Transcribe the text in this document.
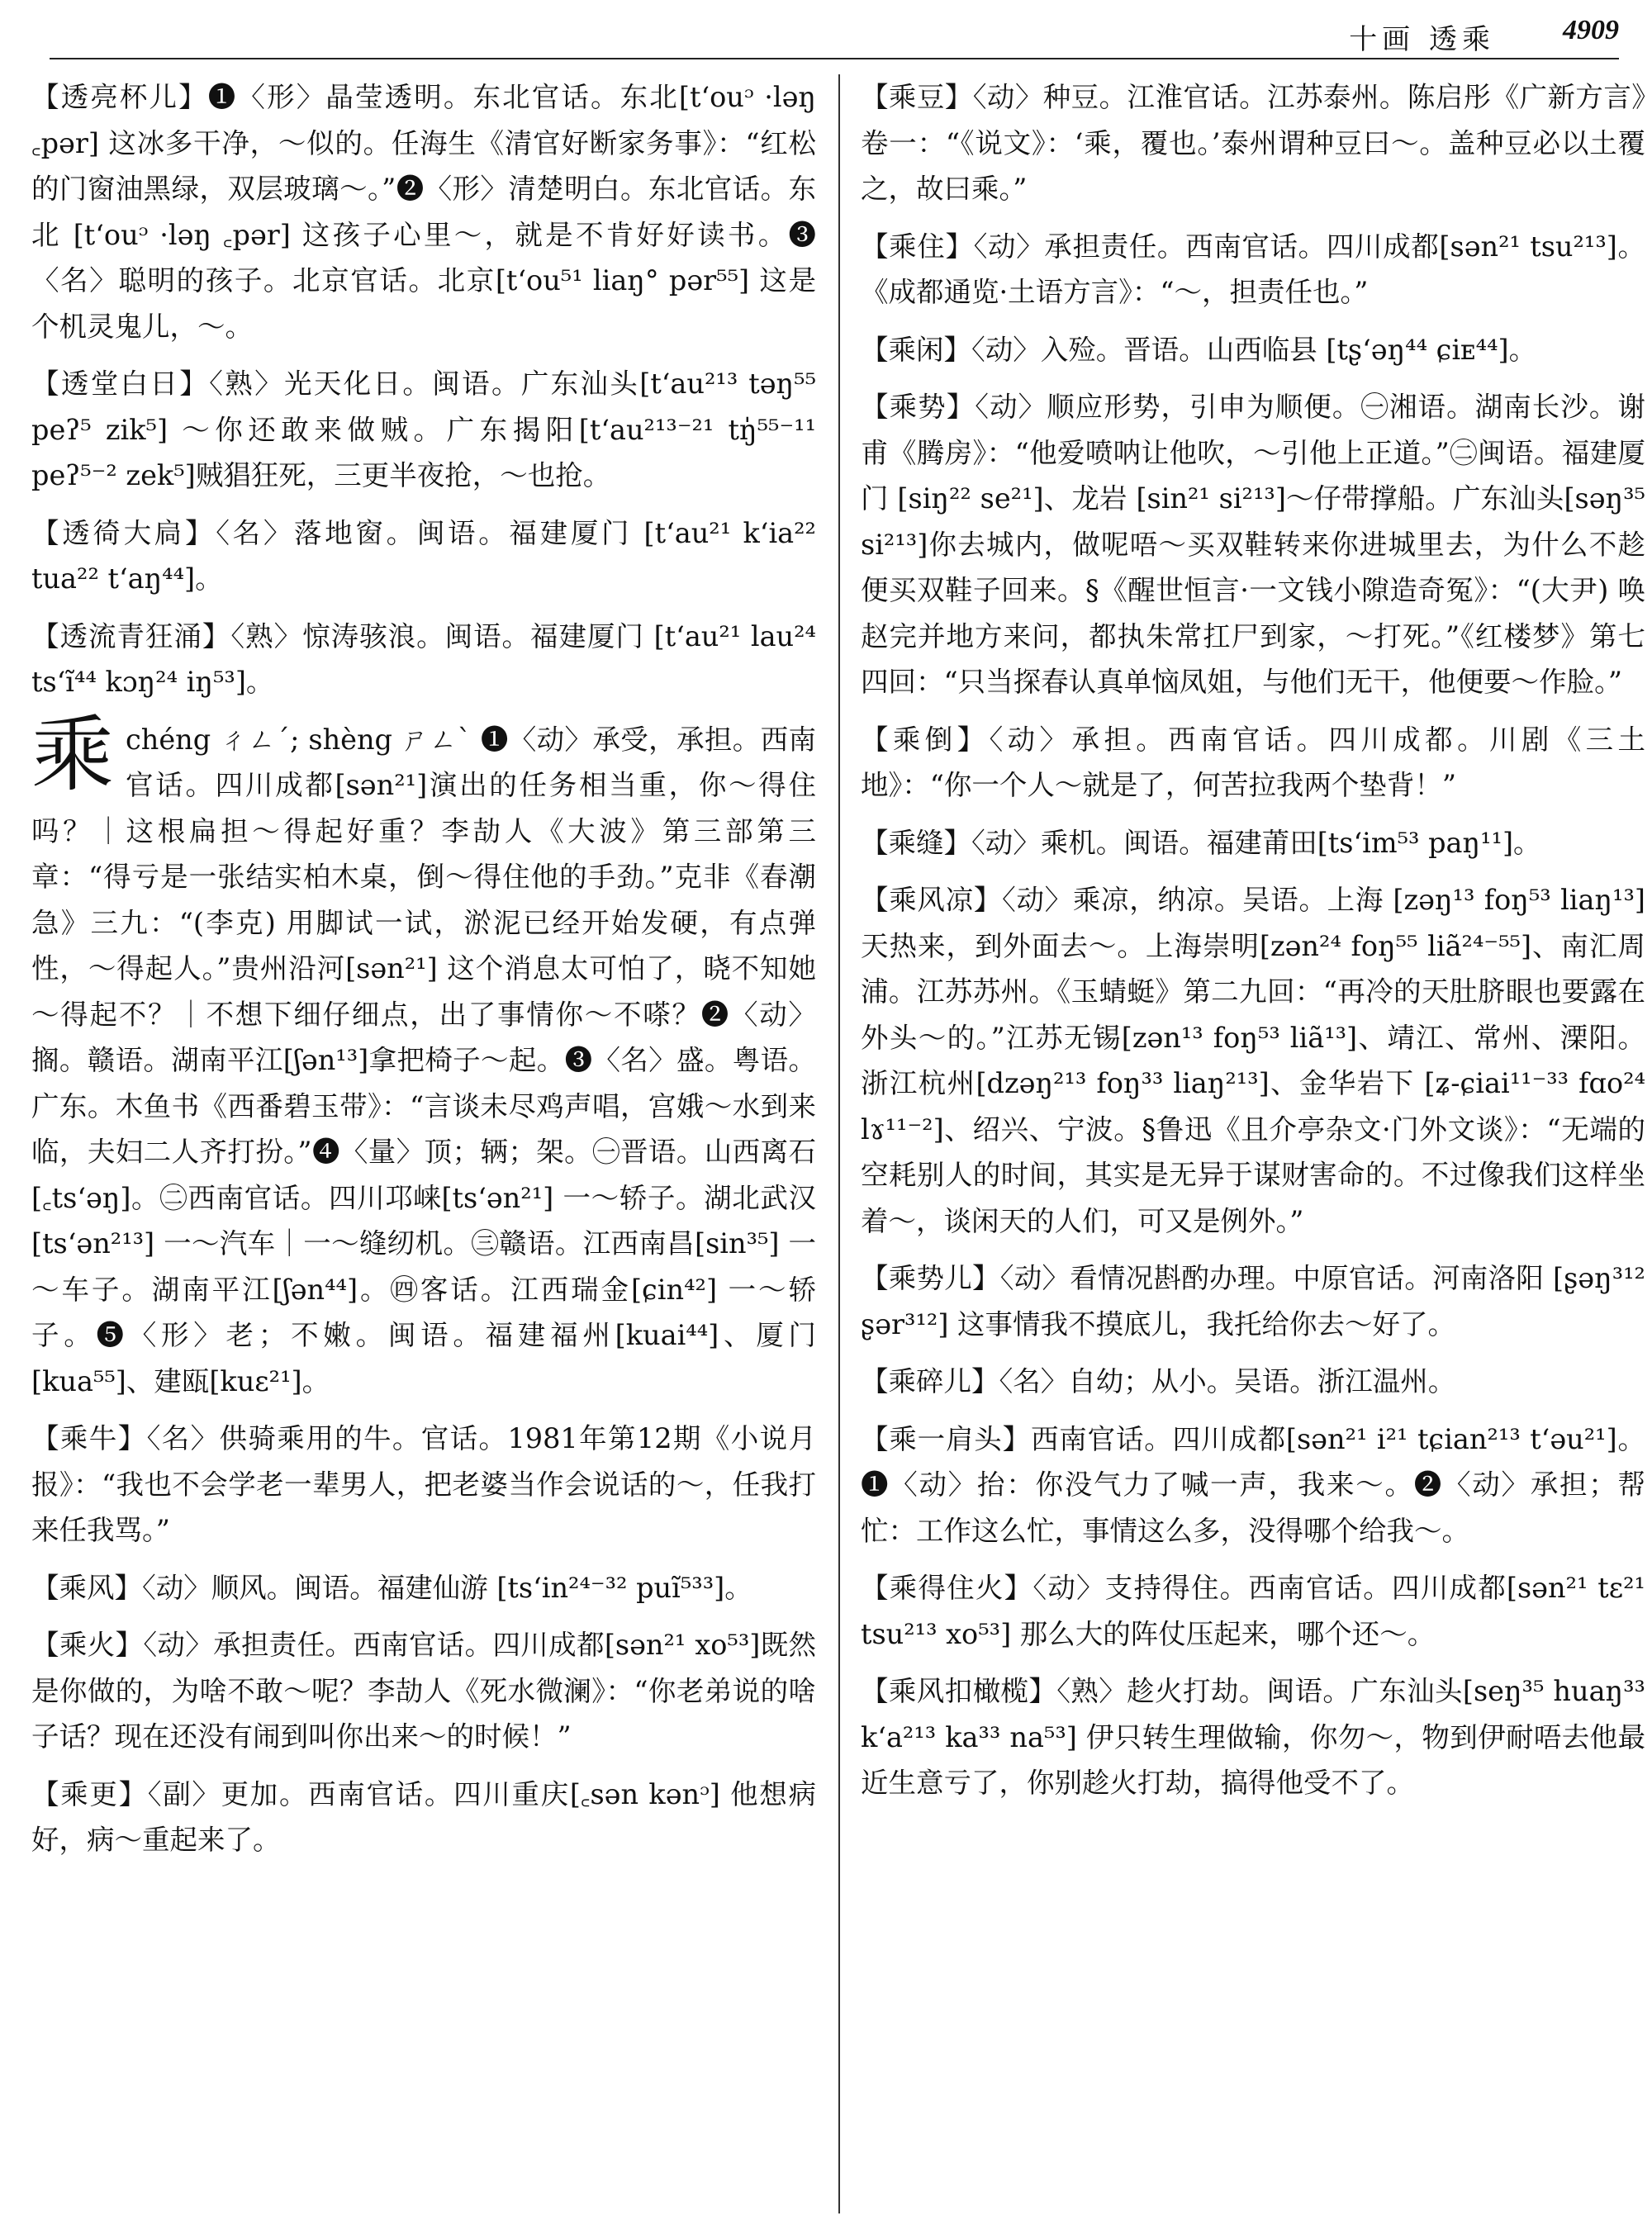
十画 透乘 4909

【透亮杯儿】❶〈形〉晶莹透明。东北官话。东北[tʻouᵓ ·ləŋ ꜀pər] 这冰多干净，～似的。任海生《清官好断家务事》：“红松的门窗油黑绿，双层玻璃～。”❷〈形〉清楚明白。东北官话。东北 [tʻouᵓ ·ləŋ ꜀pər] 这孩子心里～，就是不肯好好读书。❸〈名〉聪明的孩子。北京官话。北京[tʻou⁵¹ liaŋ° pər⁵⁵] 这是个机灵鬼儿，～。

【透堂白日】〈熟〉光天化日。闽语。广东汕头[tʻau²¹³ təŋ⁵⁵ peʔ⁵ zik⁵] ～你还敢来做贼。广东揭阳[tʻau²¹³⁻²¹ tŋ̍⁵⁵⁻¹¹ peʔ⁵⁻² zek⁵]贼猖狂死，三更半夜抢，～也抢。

【透徛大扃】〈名〉落地窗。闽语。福建厦门 [tʻau²¹ kʻia²² tua²² tʻaŋ⁴⁴]。

【透流青狂涌】〈熟〉惊涛骇浪。闽语。福建厦门 [tʻau²¹ lau²⁴ tsʻĩ⁴⁴ kɔŋ²⁴ iŋ⁵³]。

乘 chéng ㄔㄥˊ; shèng ㄕㄥˋ ❶〈动〉承受，承担。西南官话。四川成都[sən²¹]演出的任务相当重，你～得住吗？｜这根扁担～得起好重？李劼人《大波》第三部第三章：“得亏是一张结实柏木桌，倒～得住他的手劲。”克非《春潮急》三九：“(李克) 用脚试一试，淤泥已经开始发硬，有点弹性，～得起人。”贵州沿河[sən²¹] 这个消息太可怕了，晓不知她～得起不？｜不想下细仔细点，出了事情你～不嗏？❷〈动〉搁。赣语。湖南平江[ʃən¹³]拿把椅子～起。❸〈名〉盛。粤语。广东。木鱼书《西番碧玉带》：“言谈未尽鸡声唱，宫娥～水到来临，夫妇二人齐打扮。”❹〈量〉顶；辆；架。㊀晋语。山西离石 [꜀tsʻəŋ]。㊁西南官话。四川邛崃[tsʻən²¹] 一～轿子。湖北武汉[tsʻən²¹³] 一～汽车｜一～缝纫机。㊂赣语。江西南昌[sin³⁵] 一～车子。湖南平江[ʃən⁴⁴]。㊃客话。江西瑞金[ɕin⁴²] 一～轿子。❺〈形〉老；不嫩。闽语。福建福州[kuai⁴⁴]、厦门[kua⁵⁵]、建瓯[kuɛ²¹]。

【乘牛】〈名〉供骑乘用的牛。官话。1981年第12期《小说月报》：“我也不会学老一辈男人，把老婆当作会说话的～，任我打来任我骂。”

【乘风】〈动〉顺风。闽语。福建仙游 [tsʻin²⁴⁻³² puĩ⁵³³]。

【乘火】〈动〉承担责任。西南官话。四川成都[sən²¹ xo⁵³]既然是你做的，为啥不敢～呢？李劼人《死水微澜》：“你老弟说的啥子话？现在还没有闹到叫你出来～的时候！”

【乘更】〈副〉更加。西南官话。四川重庆[꜀sən kənᵓ] 他想病好，病～重起来了。

【乘豆】〈动〉种豆。江淮官话。江苏泰州。陈启彤《广新方言》卷一：“《说文》：‘乘，覆也。’泰州谓种豆曰～。盖种豆必以土覆之，故曰乘。”

【乘住】〈动〉承担责任。西南官话。四川成都[sən²¹ tsu²¹³]。《成都通览·土语方言》：“～，担责任也。”

【乘闲】〈动〉入殓。晋语。山西临县 [tʂʻəŋ⁴⁴ ɕiᴇ⁴⁴]。

【乘势】〈动〉顺应形势，引申为顺便。㊀湘语。湖南长沙。谢甫《腾房》：“他爱喷呐让他吹，～引他上正道。”㊁闽语。福建厦门 [siŋ²² se²¹]、龙岩 [sin²¹ si²¹³]～仔带撑船。广东汕头[səŋ³⁵ si²¹³]你去城内，做呢唔～买双鞋转来你进城里去，为什么不趁便买双鞋子回来。§《醒世恒言·一文钱小隙造奇冤》：“(大尹) 唤赵完并地方来问，都执朱常扛尸到家，～打死。”《红楼梦》第七四回：“只当探春认真单恼凤姐，与他们无干，他便要～作脸。”

【乘倒】〈动〉承担。西南官话。四川成都。川剧《三土地》：“你一个人～就是了，何苦拉我两个垫背！”

【乘缝】〈动〉乘机。闽语。福建莆田[tsʻim⁵³ paŋ¹¹]。

【乘风凉】〈动〉乘凉，纳凉。吴语。上海 [zəŋ¹³ foŋ⁵³ liaŋ¹³] 天热来，到外面去～。上海崇明[zən²⁴ foŋ⁵⁵ liã²⁴⁻⁵⁵]、南汇周浦。江苏苏州。《玉蜻蜓》第二九回：“再冷的天肚脐眼也要露在外头～的。”江苏无锡[zən¹³ foŋ⁵³ liã¹³]、靖江、常州、溧阳。浙江杭州[dzəŋ²¹³ foŋ³³ liaŋ²¹³]、金华岩下 [ʑ-ɕiai¹¹⁻³³ fɑo²⁴ lɤ¹¹⁻²]、绍兴、宁波。§鲁迅《且介亭杂文·门外文谈》：“无端的空耗别人的时间，其实是无异于谋财害命的。不过像我们这样坐着～，谈闲天的人们，可又是例外。”

【乘势儿】〈动〉看情况斟酌办理。中原官话。河南洛阳 [ʂəŋ³¹² ʂər³¹²] 这事情我不摸底儿，我托给你去～好了。

【乘碎儿】〈名〉自幼；从小。吴语。浙江温州。

【乘一肩头】西南官话。四川成都[sən²¹ i²¹ tɕian²¹³ tʻəu²¹]。❶〈动〉抬：你没气力了喊一声，我来～。❷〈动〉承担；帮忙：工作这么忙，事情这么多，没得哪个给我～。

【乘得住火】〈动〉支持得住。西南官话。四川成都[sən²¹ tɛ²¹ tsu²¹³ xo⁵³] 那么大的阵仗压起来，哪个还～。

【乘风扣橄榄】〈熟〉趁火打劫。闽语。广东汕头[seŋ³⁵ huaŋ³³ kʻa²¹³ ka³³ na⁵³] 伊只转生理做输，你勿～，物到伊耐唔去他最近生意亏了，你别趁火打劫，搞得他受不了。
